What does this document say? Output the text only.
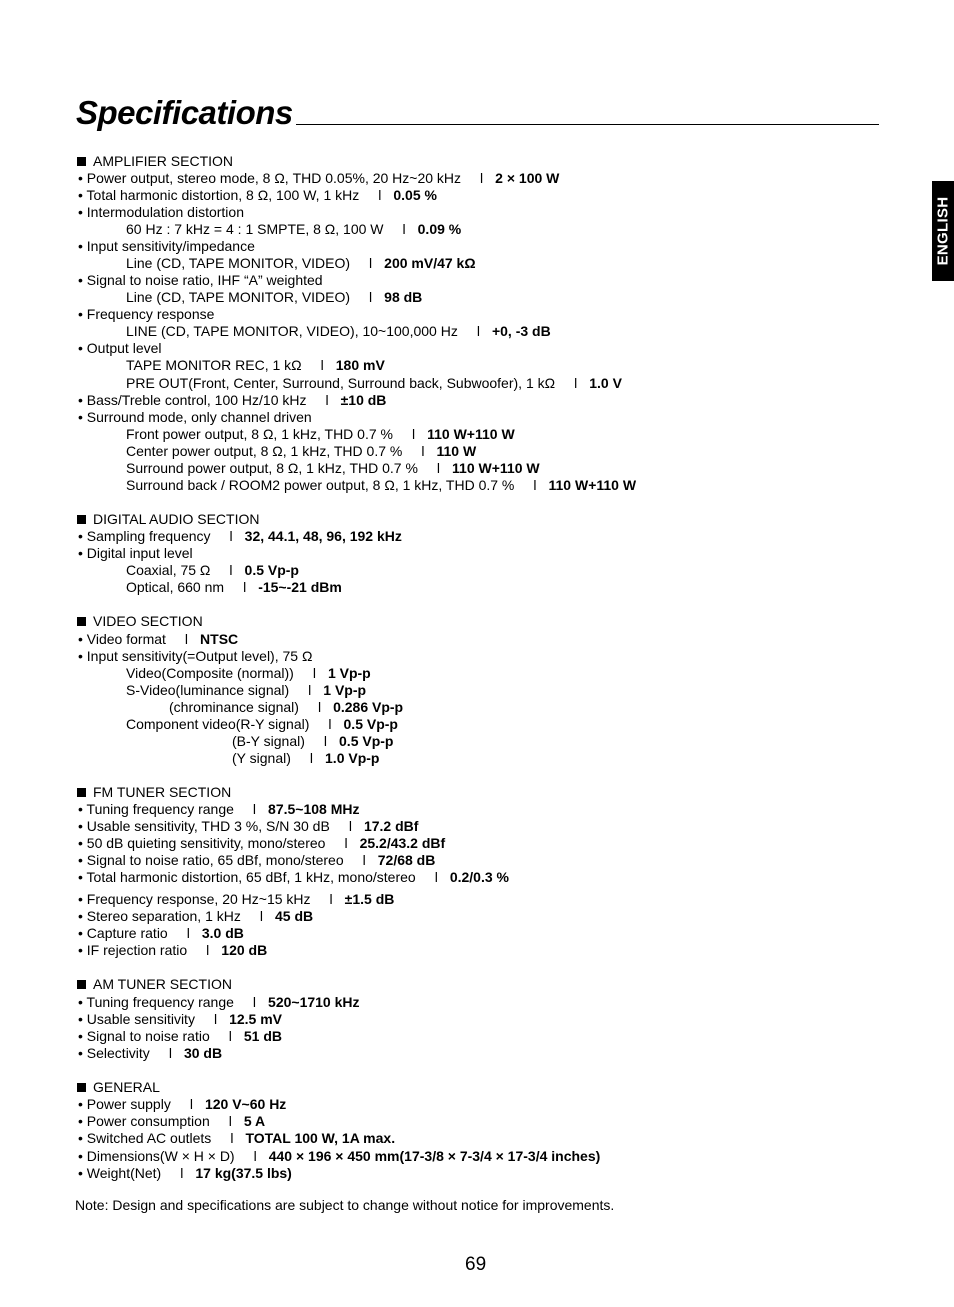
Specifications
ENGLISH

AMPLIFIER SECTION

• Power output, stereo mode, 8 Ω, THD 0.05%, 20 Hz~20 kHz l 2 × 100 W

• Total harmonic distortion, 8 Ω, 100 W, 1 kHz l 0.05 %

• Intermodulation distortion

60 Hz : 7 kHz = 4 : 1 SMPTE, 8 Ω, 100 W l 0.09 %

• Input sensitivity/impedance

Line (CD, TAPE MONITOR, VIDEO) l 200 mV/47 kΩ

• Signal to noise ratio, IHF “A” weighted

Line (CD, TAPE MONITOR, VIDEO) l 98 dB

• Frequency response

LINE (CD, TAPE MONITOR, VIDEO), 10~100,000 Hz l +0, -3 dB

• Output level

TAPE MONITOR REC, 1 kΩ l 180 mV

PRE OUT(Front, Center, Surround, Surround back, Subwoofer), 1 kΩ l 1.0 V

• Bass/Treble control, 100 Hz/10 kHz l ±10 dB

• Surround mode, only channel driven

Front power output, 8 Ω, 1 kHz, THD 0.7 % l 110 W+110 W

Center power output, 8 Ω, 1 kHz, THD 0.7 % l 110 W

Surround power output, 8 Ω, 1 kHz, THD 0.7 % l 110 W+110 W

Surround back / ROOM2 power output, 8 Ω, 1 kHz, THD 0.7 % l 110 W+110 W

DIGITAL AUDIO SECTION

• Sampling frequency l 32, 44.1, 48, 96, 192 kHz

• Digital input level

Coaxial, 75 Ω l 0.5 Vp-p

Optical, 660 nm l -15~-21 dBm

VIDEO SECTION

• Video format l NTSC

• Input sensitivity(=Output level), 75 Ω

Video(Composite (normal)) l 1 Vp-p

S-Video(luminance signal) l 1 Vp-p

(chrominance signal) l 0.286 Vp-p

Component video(R-Y signal) l 0.5 Vp-p

(B-Y signal) l 0.5 Vp-p

(Y signal) l 1.0 Vp-p

FM TUNER SECTION

• Tuning frequency range l 87.5~108 MHz

• Usable sensitivity, THD 3 %, S/N 30 dB l 17.2 dBf

• 50 dB quieting sensitivity, mono/stereo l 25.2/43.2 dBf

• Signal to noise ratio, 65 dBf, mono/stereo l 72/68 dB

• Total harmonic distortion, 65 dBf, 1 kHz, mono/stereo l 0.2/0.3 %

• Frequency response, 20 Hz~15 kHz l ±1.5 dB

• Stereo separation, 1 kHz l 45 dB

• Capture ratio l 3.0 dB

• IF rejection ratio l 120 dB

AM TUNER SECTION

• Tuning frequency range l 520~1710 kHz

• Usable sensitivity l 12.5 mV

• Signal to noise ratio l 51 dB

• Selectivity l 30 dB

GENERAL

• Power supply l 120 V~60 Hz

• Power consumption l 5 A

• Switched AC outlets l TOTAL 100 W, 1A max.

• Dimensions(W × H × D) l 440 × 196 × 450 mm(17-3/8 × 7-3/4 × 17-3/4 inches)

• Weight(Net) l 17 kg(37.5 lbs)

Note: Design and specifications are subject to change without notice for improvements.

69
